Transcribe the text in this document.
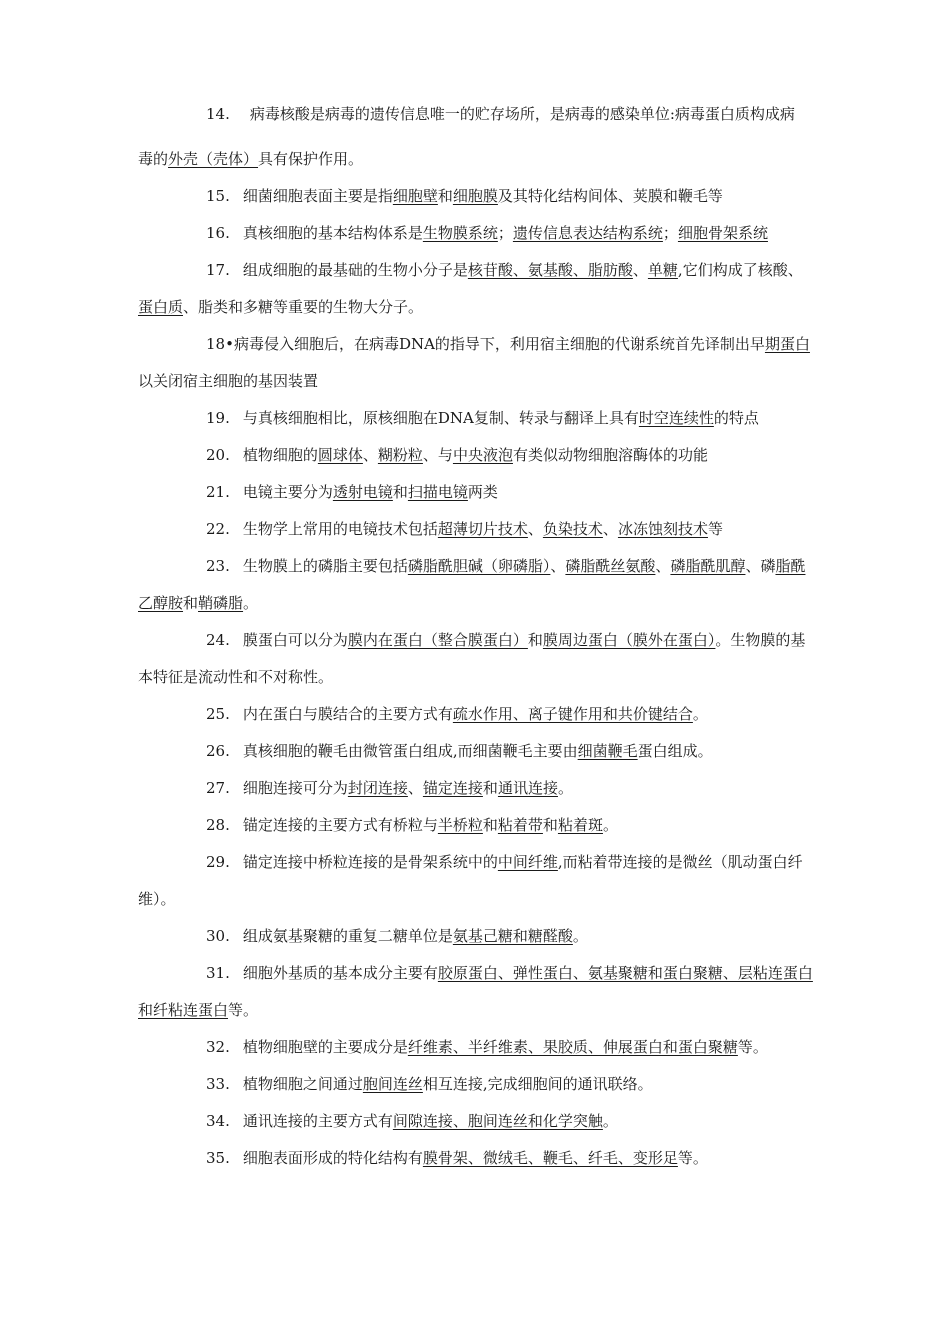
14. 病毒核酸是病毒的遗传信息唯一的贮存场所，是病毒的感染单位:病毒蛋白质构成病

毒的外壳（壳体）具有保护作用。

15. 细菌细胞表面主要是指细胞壁和细胞膜及其特化结构间体、荚膜和鞭毛等

16. 真核细胞的基本结构体系是生物膜系统；遗传信息表达结构系统；细胞骨架系统

17. 组成细胞的最基础的生物小分子是核苷酸、氨基酸、脂肪酸、单糖,它们构成了核酸、蛋白质、脂类和多糖等重要的生物大分子。

18•病毒侵入细胞后，在病毒DNA的指导下，利用宿主细胞的代谢系统首先译制出早期蛋白以关闭宿主细胞的基因装置

19. 与真核细胞相比，原核细胞在DNA复制、转录与翻译上具有时空连续性的特点

20. 植物细胞的圆球体、糊粉粒、与中央液泡有类似动物细胞溶酶体的功能

21. 电镜主要分为透射电镜和扫描电镜两类

22. 生物学上常用的电镜技术包括超薄切片技术、负染技术、冰冻蚀刻技术等

23. 生物膜上的磷脂主要包括磷脂酰胆碱（卵磷脂）、磷脂酰丝氨酸、磷脂酰肌醇、磷脂酰乙醇胺和鞘磷脂。

24. 膜蛋白可以分为膜内在蛋白（整合膜蛋白）和膜周边蛋白（膜外在蛋白）。生物膜的基本特征是流动性和不对称性。

25. 内在蛋白与膜结合的主要方式有疏水作用、离子键作用和共价键结合。

26. 真核细胞的鞭毛由微管蛋白组成,而细菌鞭毛主要由细菌鞭毛蛋白组成。

27. 细胞连接可分为封闭连接、锚定连接和通讯连接。

28. 锚定连接的主要方式有桥粒与半桥粒和粘着带和粘着斑。

29. 锚定连接中桥粒连接的是骨架系统中的中间纤维,而粘着带连接的是微丝（肌动蛋白纤维）。

30. 组成氨基聚糖的重复二糖单位是氨基己糖和糖醛酸。

31. 细胞外基质的基本成分主要有胶原蛋白、弹性蛋白、氨基聚糖和蛋白聚糖、层粘连蛋白和纤粘连蛋白等。

32. 植物细胞壁的主要成分是纤维素、半纤维素、果胶质、伸展蛋白和蛋白聚糖等。

33. 植物细胞之间通过胞间连丝相互连接,完成细胞间的通讯联络。

34. 通讯连接的主要方式有间隙连接、胞间连丝和化学突触。

35. 细胞表面形成的特化结构有膜骨架、微绒毛、鞭毛、纤毛、变形足等。
